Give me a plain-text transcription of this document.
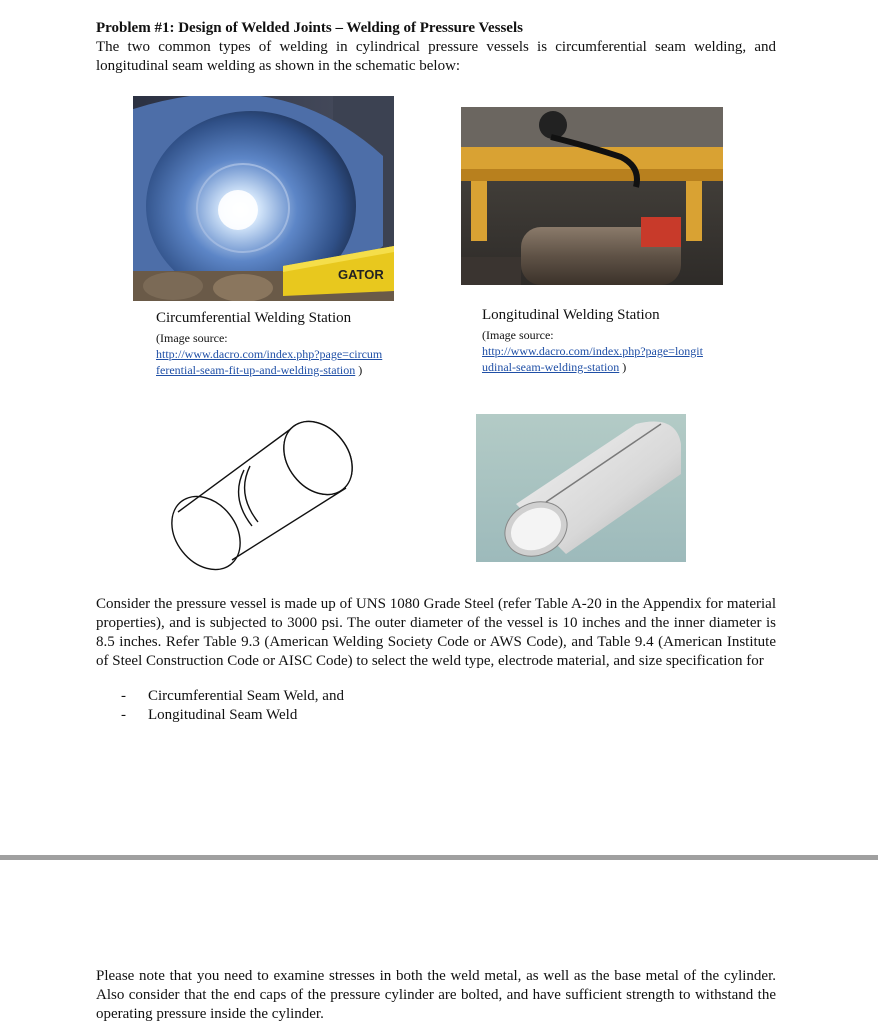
Problem #1: Design of Welded Joints – Welding of Pressure Vessels
The two common types of welding in cylindrical pressure vessels is circumferential seam welding, and longitudinal seam welding as shown in the schematic below:
GATOR
Circumferential Welding Station
(Image source:
http://www.dacro.com/index.php?page=circumferential-seam-fit-up-and-welding-station )
Longitudinal Welding Station
(Image source:
http://www.dacro.com/index.php?page=longitudinal-seam-welding-station )
Consider the pressure vessel is made up of UNS 1080 Grade Steel (refer Table A-20 in the Appendix for material properties), and is subjected to 3000 psi. The outer diameter of the vessel is 10 inches and the inner diameter is 8.5 inches. Refer Table 9.3 (American Welding Society Code or AWS Code), and Table 9.4 (American Institute of Steel Construction Code or AISC Code) to select the weld type, electrode material, and size specification for
- Circumferential Seam Weld, and
- Longitudinal Seam Weld
Please note that you need to examine stresses in both the weld metal, as well as the base metal of the cylinder. Also consider that the end caps of the pressure cylinder are bolted, and have sufficient strength to withstand the operating pressure inside the cylinder.
